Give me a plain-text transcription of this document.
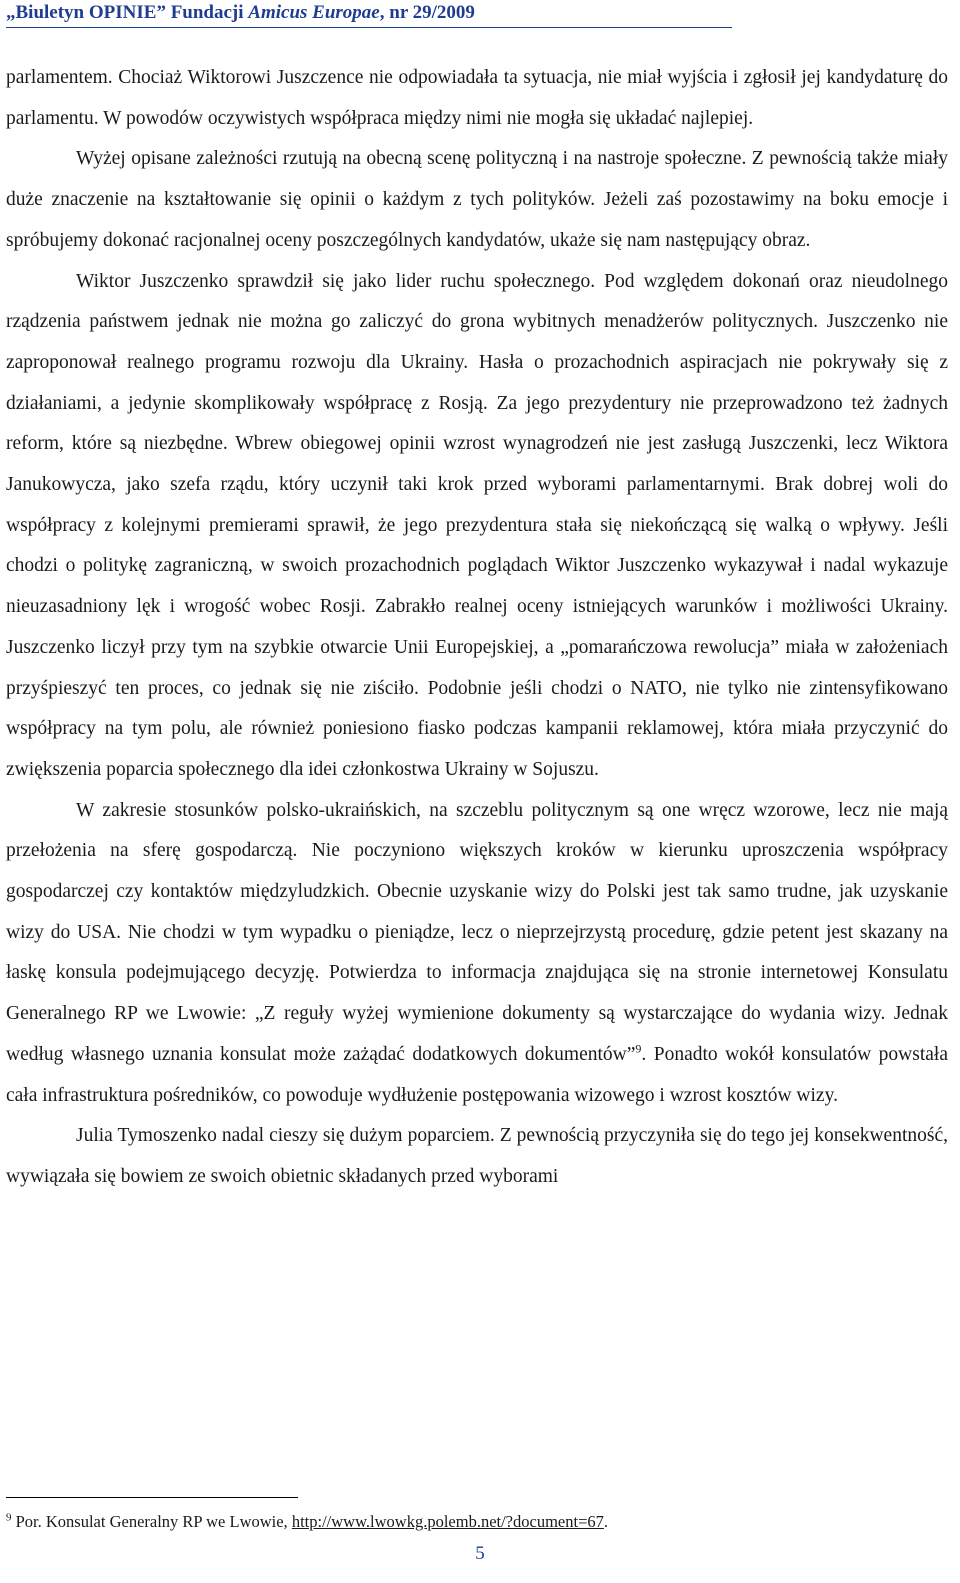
„Biuletyn OPINIE” Fundacji Amicus Europae, nr 29/2009

parlamentem. Chociaż Wiktorowi Juszczence nie odpowiadała ta sytuacja, nie miał wyjścia i zgłosił jej kandydaturę do parlamentu. W powodów oczywistych współpraca między nimi nie mogła się układać najlepiej.

Wyżej opisane zależności rzutują na obecną scenę polityczną i na nastroje społeczne. Z pewnością także miały duże znaczenie na kształtowanie się opinii o każdym z tych polityków. Jeżeli zaś pozostawimy na boku emocje i spróbujemy dokonać racjonalnej oceny poszczególnych kandydatów, ukaże się nam następujący obraz.

Wiktor Juszczenko sprawdził się jako lider ruchu społecznego. Pod względem dokonań oraz nieudolnego rządzenia państwem jednak nie można go zaliczyć do grona wybitnych menadżerów politycznych. Juszczenko nie zaproponował realnego programu rozwoju dla Ukrainy. Hasła o prozachodnich aspiracjach nie pokrywały się z działaniami, a jedynie skomplikowały współpracę z Rosją. Za jego prezydentury nie przeprowadzono też żadnych reform, które są niezbędne. Wbrew obiegowej opinii wzrost wynagrodzeń nie jest zasługą Juszczenki, lecz Wiktora Janukowycza, jako szefa rządu, który uczynił taki krok przed wyborami parlamentarnymi. Brak dobrej woli do współpracy z kolejnymi premierami sprawił, że jego prezydentura stała się niekończącą się walką o wpływy. Jeśli chodzi o politykę zagraniczną, w swoich prozachodnich poglądach Wiktor Juszczenko wykazywał i nadal wykazuje nieuzasadniony lęk i wrogość wobec Rosji. Zabrakło realnej oceny istniejących warunków i możliwości Ukrainy. Juszczenko liczył przy tym na szybkie otwarcie Unii Europejskiej, a „pomarańczowa rewolucja” miała w założeniach przyśpieszyć ten proces, co jednak się nie ziściło. Podobnie jeśli chodzi o NATO, nie tylko nie zintensyfikowano współpracy na tym polu, ale również poniesiono fiasko podczas kampanii reklamowej, która miała przyczynić do zwiększenia poparcia społecznego dla idei członkostwa Ukrainy w Sojuszu.

W zakresie stosunków polsko-ukraińskich, na szczeblu politycznym są one wręcz wzorowe, lecz nie mają przełożenia na sferę gospodarczą. Nie poczyniono większych kroków w kierunku uproszczenia współpracy gospodarczej czy kontaktów międzyludzkich. Obecnie uzyskanie wizy do Polski jest tak samo trudne, jak uzyskanie wizy do USA. Nie chodzi w tym wypadku o pieniądze, lecz o nieprzejrzystą procedurę, gdzie petent jest skazany na łaskę konsula podejmującego decyzję. Potwierdza to informacja znajdująca się na stronie internetowej Konsulatu Generalnego RP we Lwowie: „Z reguły wyżej wymienione dokumenty są wystarczające do wydania wizy. Jednak według własnego uznania konsulat może zażądać dodatkowych dokumentów”$^9$. Ponadto wokół konsulatów powstała cała infrastruktura pośredników, co powoduje wydłużenie postępowania wizowego i wzrost kosztów wizy.

Julia Tymoszenko nadal cieszy się dużym poparciem. Z pewnością przyczyniła się do tego jej konsekwentność, wywiązała się bowiem ze swoich obietnic składanych przed wyborami

$^9$ Por. Konsulat Generalny RP we Lwowie, http://www.lwowkg.polemb.net/?document=67.
5
